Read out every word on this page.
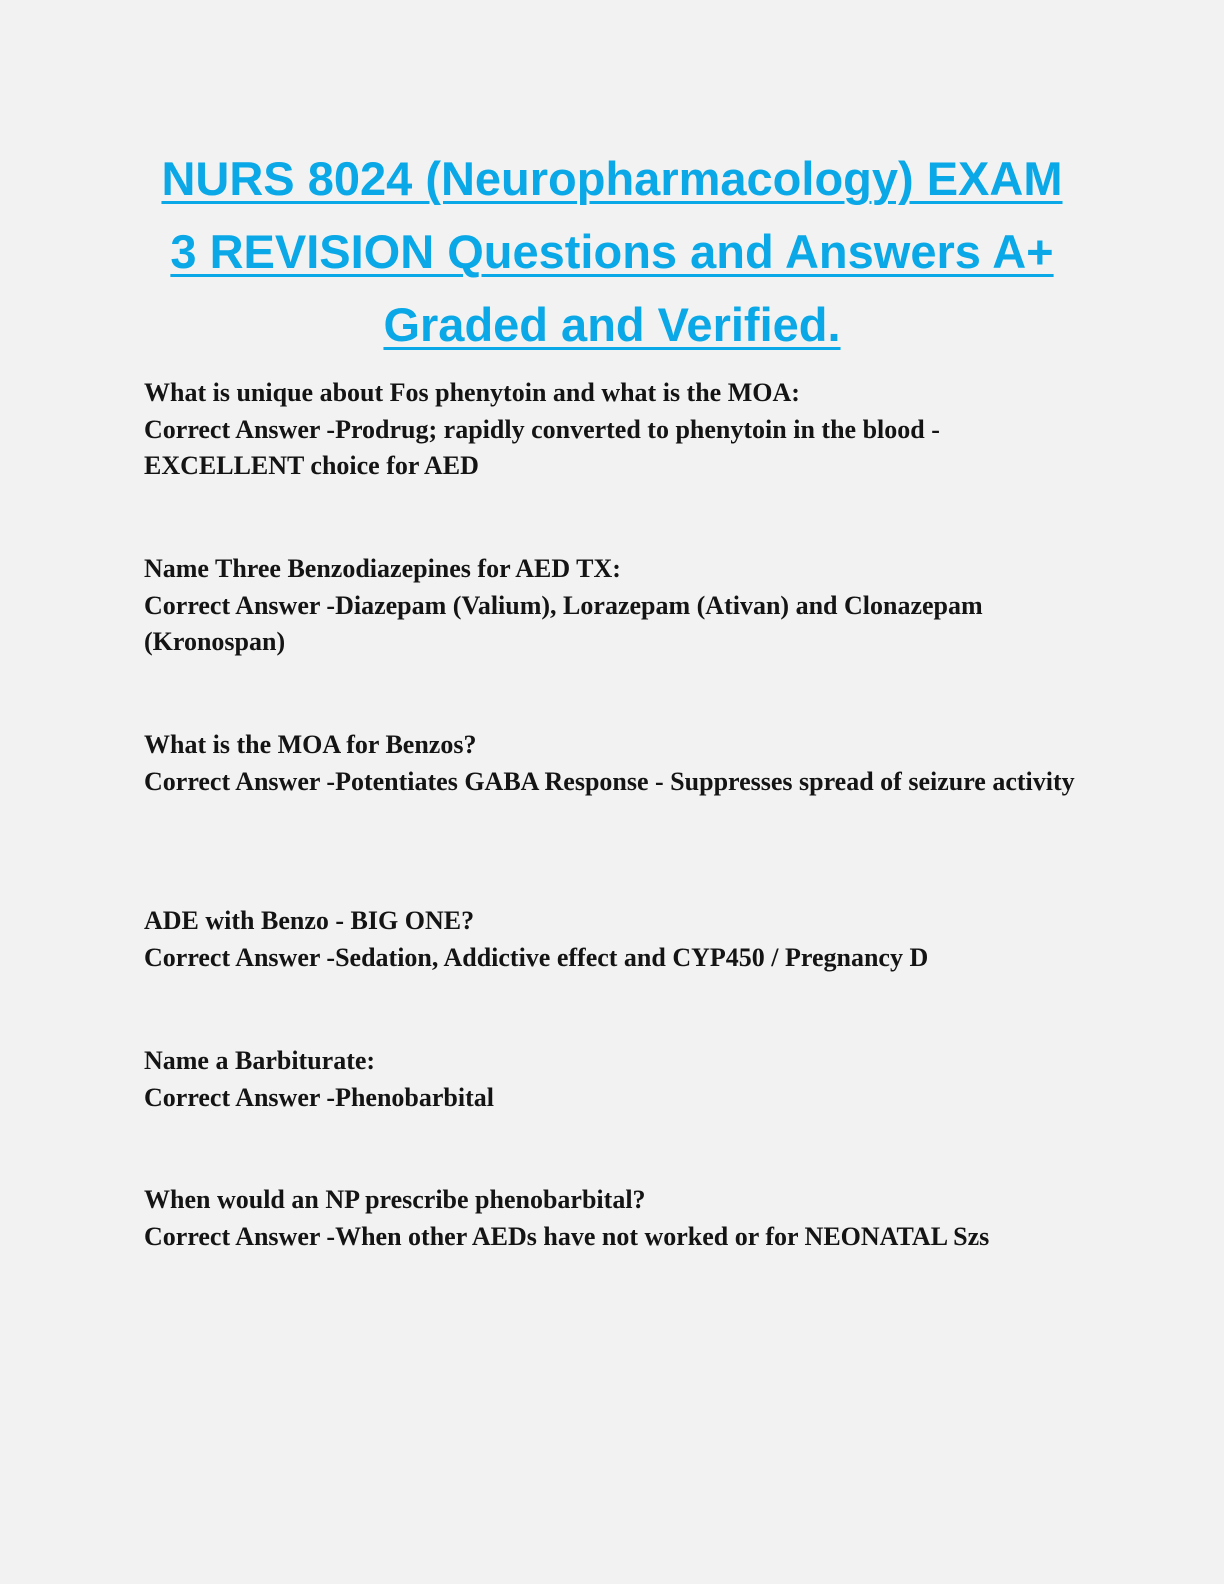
NURS 8024 (Neuropharmacology) EXAM
3 REVISION Questions and Answers A+
Graded and Verified.

What is unique about Fos phenytoin and what is the MOA:

Correct Answer -Prodrug; rapidly converted to phenytoin in the blood - EXCELLENT choice for AED

Name Three Benzodiazepines for AED TX:

Correct Answer -Diazepam (Valium), Lorazepam (Ativan) and Clonazepam (Kronospan)

What is the MOA for Benzos?

Correct Answer -Potentiates GABA Response - Suppresses spread of seizure activity

ADE with Benzo - BIG ONE?

Correct Answer -Sedation, Addictive effect and CYP450 / Pregnancy D

Name a Barbiturate:

Correct Answer -Phenobarbital

When would an NP prescribe phenobarbital?

Correct Answer -When other AEDs have not worked or for NEONATAL Szs
